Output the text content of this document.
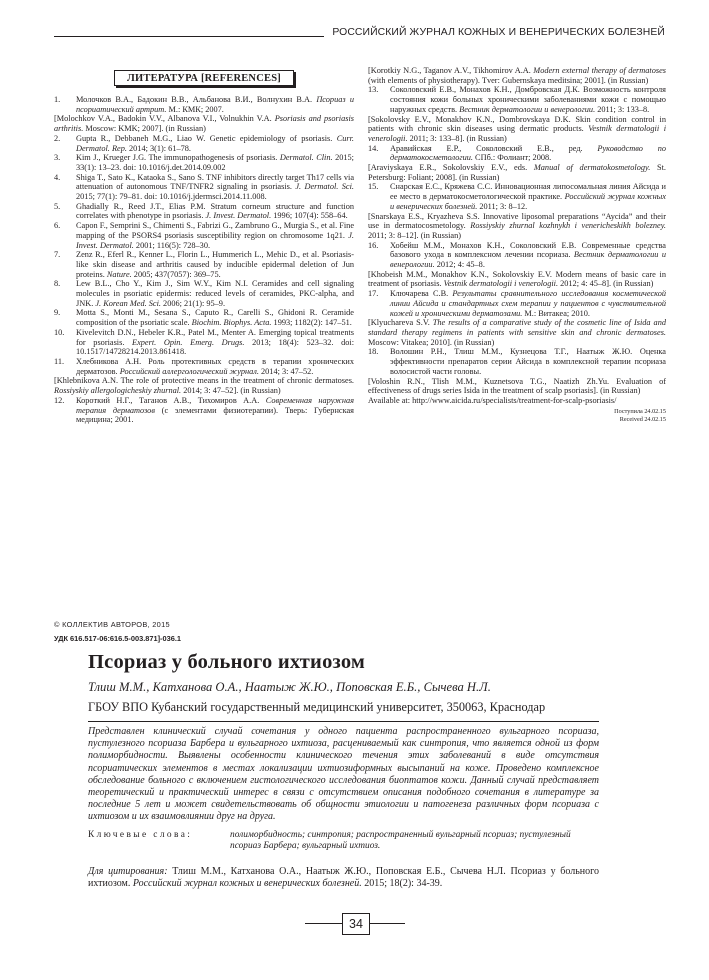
РОССИЙСКИЙ ЖУРНАЛ КОЖНЫХ И ВЕНЕРИЧЕСКИХ БОЛЕЗНЕЙ
ЛИТЕРАТУРА [REFERENCES]
1. Молочков В.А., Бадокин В.В., Альбанова В.И., Волнухин В.А. Псориаз и псориатический артрит. М.: КМК; 2007.
[Molochkov V.A., Badokin V.V., Albanova V.I., Volnukhin V.A. Psoriasis and psoriasis arthritis. Moscow: KMK; 2007]. (in Russian)
2. Gupta R., Debbaneh M.G., Liao W. Genetic epidemiology of psoriasis. Curr. Dermatol. Rep. 2014; 3(1): 61–78.
3. Kim J., Krueger J.G. The immunopathogenesis of psoriasis. Dermatol. Clin. 2015; 33(1): 13–23. doi: 10.1016/j.det.2014.09.002
4. Shiga T., Sato K., Kataoka S., Sano S. TNF inhibitors directly target Th17 cells via attenuation of autonomous TNF/TNFR2 signaling in psoriasis. J. Dermatol. Sci. 2015; 77(1): 79–81. doi: 10.1016/j.jdermsci.2014.11.008.
5. Ghadially R., Reed J.T., Elias P.M. Stratum corneum structure and function correlates with phenotype in psoriasis. J. Invest. Dermatol. 1996; 107(4): 558–64.
6. Capon F., Semprini S., Chimenti S., Fabrizi G., Zambruno G., Murgia S., et al. Fine mapping of the PSORS4 psoriasis susceptibility region on chromosome 1q21. J. Invest. Dermatol. 2001; 116(5): 728–30.
7. Zenz R., Eferl R., Kenner L., Florin L., Hummerich L., Mehic D., et al. Psoriasis-like skin disease and arthritis caused by inducible epidermal deletion of Jun proteins. Nature. 2005; 437(7057): 369–75.
8. Lew B.L., Cho Y., Kim J., Sim W.Y., Kim N.I. Ceramides and cell signaling molecules in psoriatic epidermis: reduced levels of ceramides, PKC-alpha, and JNK. J. Korean Med. Sci. 2006; 21(1): 95–9.
9. Motta S., Monti M., Sesana S., Caputo R., Carelli S., Ghidoni R. Ceramide composition of the psoriatic scale. Biochim. Biophys. Acta. 1993; 1182(2): 147–51.
10. Kivelevitch D.N., Hebeler K.R., Patel M., Menter A. Emerging topical treatments for psoriasis. Expert. Opin. Emerg. Drugs. 2013; 18(4): 523–32. doi: 10.1517/14728214.2013.861418.
11. Хлебникова А.Н. Роль протективных средств в терапии хронических дерматозов. Российский аллергологический журнал. 2014; 3: 47–52.
[Khlebnikova A.N. The role of protective means in the treatment of chronic dermatoses. Rossiyskiy allergologicheskiy zhurnal. 2014; 3: 47–52]. (in Russian)
12. Короткий Н.Г., Таганов А.В., Тихомиров А.А. Современная наружная терапия дерматозов (с элементами физиотерапии). Тверь: Губернская медицина; 2001.
[Korotkiy N.G., Taganov A.V., Tikhomirov A.A. Modern external therapy of dermatoses (with elements of physiotherapy). Tver: Gubernskaya meditsina; 2001]. (in Russian)
13. Соколовский Е.В., Монахов К.Н., Домбровская Д.К. Возможность контроля состояния кожи больных хроническими заболеваниями кожи с помощью наружных средств. Вестник дерматологии и венерологии. 2011; 3: 133–8.
[Sokolovsky E.V., Monakhov K.N., Dombrovskaya D.K. Skin condition control in patients with chronic skin diseases using dermatic products. Vestnik dermatologii i venerologii. 2011; 3: 133–8]. (in Russian)
14. Аравийская Е.Р., Соколовский Е.В., ред. Руководство по дерматокосметологии. СПб.: Фолиант; 2008.
[Araviyskaya E.R., Sokolovskiy E.V., eds. Manual of dermatokosmetology. St. Petersburg: Foliant; 2008]. (in Russian)
15. Снарская Е.С., Кряжева С.С. Инновационная липосомальная линия Айсида и ее место в дерматокосметологической практике. Российский журнал кожных и венерических болезней. 2011; 3: 8–12.
[Snarskaya E.S., Kryazheva S.S. Innovative liposomal preparations “Aycida” and their use in dermatocosmetology. Rossiyskiy zhurnal kozhnykh i venericheskikh bolezney. 2011; 3: 8–12]. (in Russian)
16. Хобейш М.М., Монахов К.Н., Соколовский Е.В. Современные средства базового ухода в комплексном лечении псориаза. Вестник дерматологии и венерологии. 2012; 4: 45–8.
[Khobeish M.M., Monakhov K.N., Sokolovskiy E.V. Modern means of basic care in treatment of psoriasis. Vestnik dermatologii i venerologii. 2012; 4: 45–8]. (in Russian)
17. Ключарева С.В. Результаты сравнительного исследования косметической линии Айсида и стандартных схем терапии у пациентов с чувствительной кожей и хроническими дерматозами. М.: Витакеа; 2010.
[Klyuchareva S.V. The results of a comparative study of the cosmetic line of Isida and standard therapy regimens in patients with sensitive skin and chronic dermatoses. Moscow: Vitakea; 2010]. (in Russian)
18. Волошин Р.Н., Тлиш М.М., Кузнецова Т.Г., Наатыж Ж.Ю. Оценка эффективности препаратов серии Айсида в комплексной терапии псориаза волосистой части головы.
[Voloshin R.N., Tlish M.M., Kuznetsova T.G., Naatizh Zh.Yu. Evaluation of effectiveness of drugs series Isida in the treatment of scalp psoriasis]. (in Russian)
Available at: http://www.aicida.ru/specialists/treatment-for-scalp-psoriasis/
Поступила 24.02.15
Received 24.02.15
© КОЛЛЕКТИВ АВТОРОВ, 2015
УДК 616.517-06:616.5-003.871]-036.1
Псориаз у больного ихтиозом
Тлиш М.М., Катханова О.А., Наатыж Ж.Ю., Поповская Е.Б., Сычева Н.Л.
ГБОУ ВПО Кубанский государственный медицинский университет, 350063, Краснодар
Представлен клинический случай сочетания у одного пациента распространенного вульгарного псориаза, пустулезного псориаза Барбера и вульгарного ихтиоза, расцениваемый как синтропия, что является одной из форм полиморбидности. Выявлены особенности клинического течения этих заболеваний в виде отсутствия псориатических элементов в местах локализации ихтиозиформных высыпаний на коже. Проведено комплексное обследование больного с включением гистологического исследования биоптатов кожи. Данный случай представляет теоретический и практический интерес в связи с отсутствием описания подобного сочетания в литературе за последние 5 лет и может свидетельствовать об общности этиологии и патогенеза различных форм псориаза с ихтиозом и их взаимовлиянии друг на друга.
Ключевые слова:	полиморбидность; синтропия; распространенный вульгарный псориаз; пустулезный псориаз Барбера; вульгарный ихтиоз.
Для цитирования: Тлиш М.М., Катханова О.А., Наатыж Ж.Ю., Поповская Е.Б., Сычева Н.Л. Псориаз у больного ихтиозом. Российский журнал кожных и венерических болезней. 2015; 18(2): 34-39.
34
